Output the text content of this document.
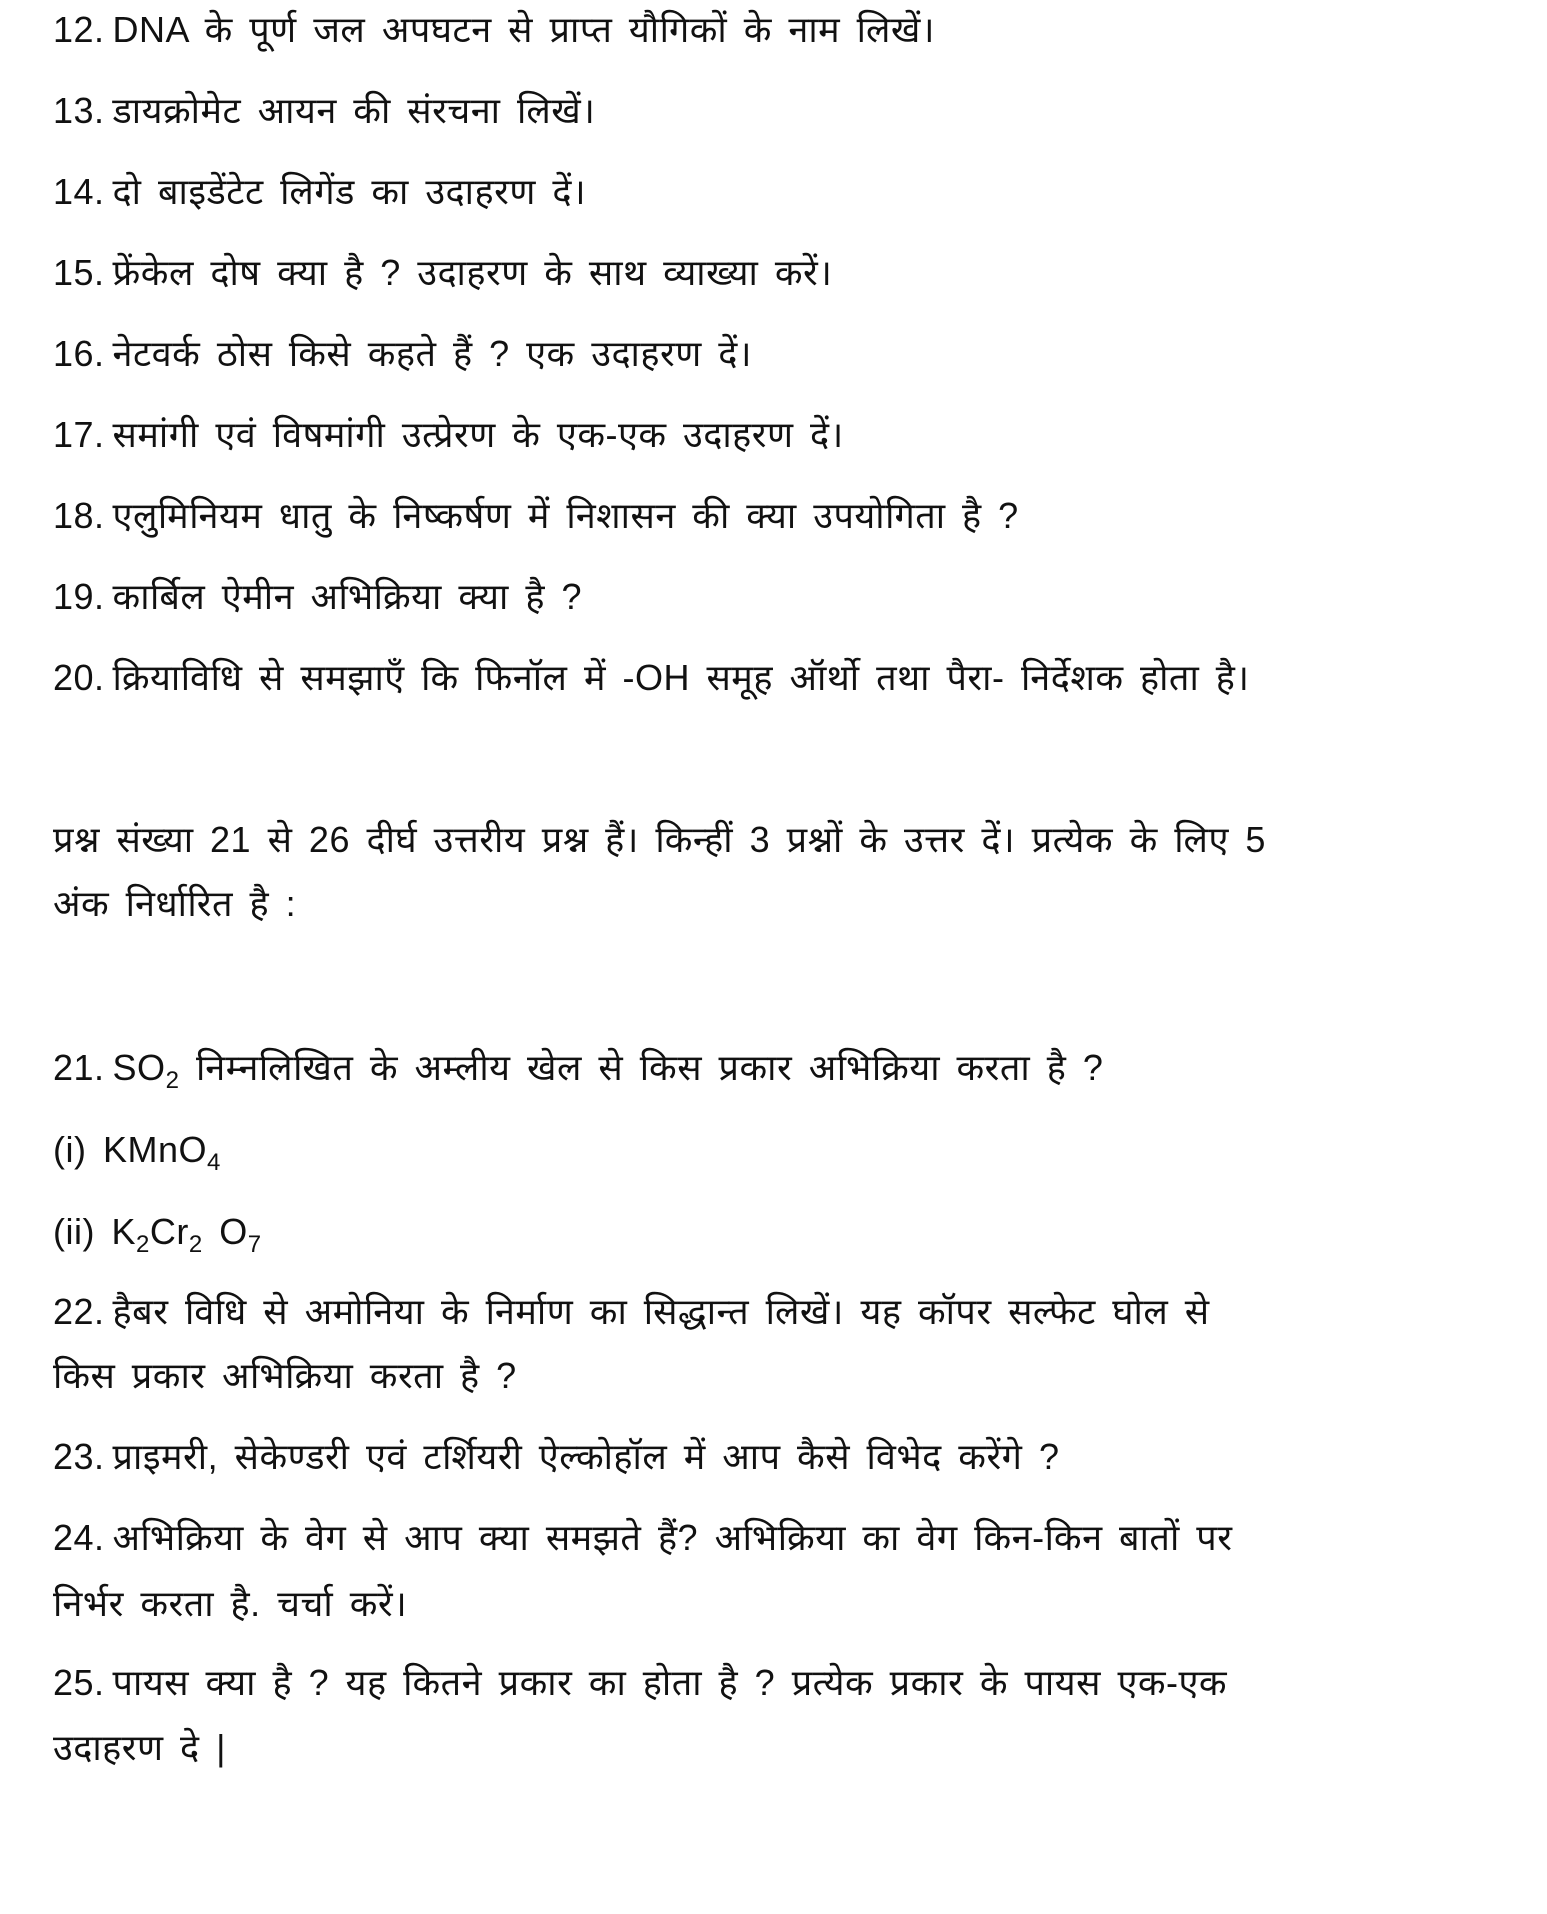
12. DNA के पूर्ण जल अपघटन से प्राप्त यौगिकों के नाम लिखें।
13. डायक्रोमेट आयन की संरचना लिखें।
14. दो बाइडेंटेट लिगेंड का उदाहरण दें।
15. फ्रेंकेल दोष क्या है ? उदाहरण के साथ व्याख्या करें।
16. नेटवर्क ठोस किसे कहते हैं ? एक उदाहरण दें।
17. समांगी एवं विषमांगी उत्प्रेरण के एक-एक उदाहरण दें।
18. एलुमिनियम धातु के निष्कर्षण में निशासन की क्या उपयोगिता है ?
19. कार्बिल ऐमीन अभिक्रिया क्या है ?
20. क्रियाविधि से समझाएँ कि फिनॉल में -OH समूह ऑर्थो तथा पैरा- निर्देशक होता है।
प्रश्न संख्या 21 से 26 दीर्घ उत्तरीय प्रश्न हैं। किन्हीं 3 प्रश्नों के उत्तर दें। प्रत्येक के लिए 5
अंक निर्धारित है :
21. $SO_2$ निम्नलिखित के अम्लीय खेल से किस प्रकार अभिक्रिया करता है ?
(i) KMnO$_4$
(ii) $K_2Cr_2$ $O_7$
22. हैबर विधि से अमोनिया के निर्माण का सिद्धान्त लिखें। यह कॉपर सल्फेट घोल से
किस प्रकार अभिक्रिया करता है ?
23. प्राइमरी, सेकेण्डरी एवं टर्शियरी ऐल्कोहॉल में आप कैसे विभेद करेंगे ?
24. अभिक्रिया के वेग से आप क्या समझते हैं? अभिक्रिया का वेग किन-किन बातों पर
निर्भर करता है. चर्चा करें।
25. पायस क्या है ? यह कितने प्रकार का होता है ? प्रत्येक प्रकार के पायस एक-एक
उदाहरण दे |
